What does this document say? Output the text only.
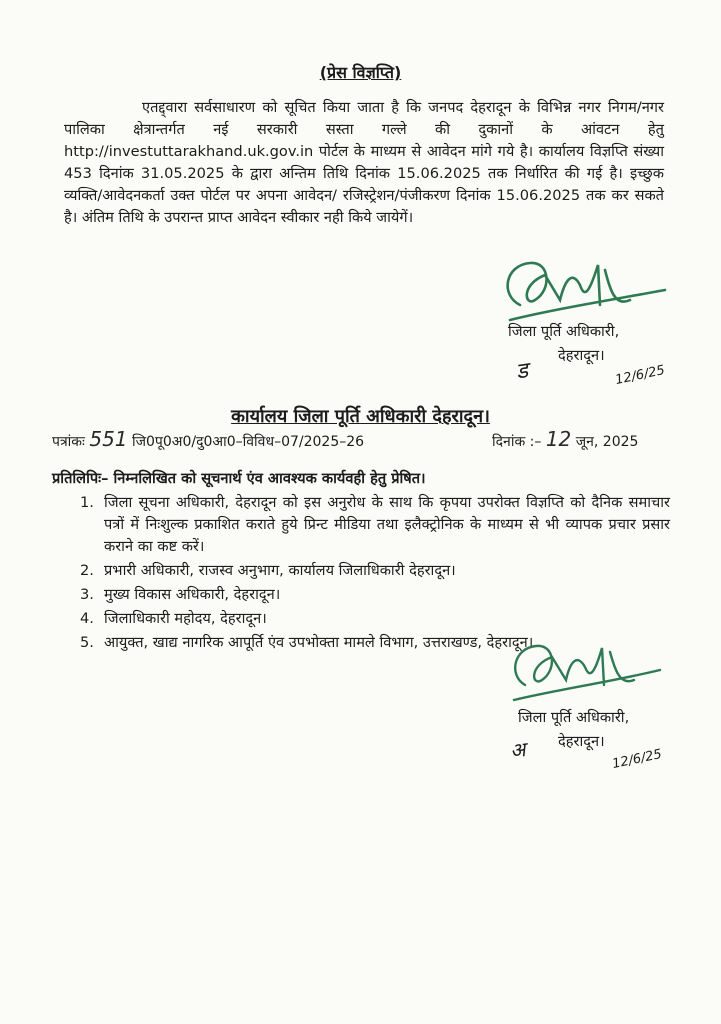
(प्रेस विज्ञप्ति)
एतद्द्वारा सर्वसाधारण को सूचित किया जाता है कि जनपद देहरादून के विभिन्न नगर निगम/नगर पालिका क्षेत्रान्तर्गत नई सरकारी सस्ता गल्ले की दुकानों के आंवटन हेतु http://investuttarakhand.uk.gov.in पोर्टल के माध्यम से आवेदन मांगे गये है। कार्यालय विज्ञप्ति संख्या 453 दिनांक 31.05.2025 के द्वारा अन्तिम तिथि दिनांक 15.06.2025 तक निर्धारित की गई है। इच्छुक व्यक्ति/आवेदनकर्ता उक्त पोर्टल पर अपना आवेदन/ रजिस्ट्रेशन/पंजीकरण दिनांक 15.06.2025 तक कर सकते है। अंतिम तिथि के उपरान्त प्राप्त आवेदन स्वीकार नही किये जायेगें।
जिला पूर्ति अधिकारी,
देहरादून।
ड	12/6/25
कार्यालय जिला पूर्ति अधिकारी देहरादून।
पत्रांकः 551 जि0पू0अ0/दु0आ0–विविध–07/2025–26	दिनांक :– 12 जून, 2025
प्रतिलिपिः– निम्नलिखित को सूचनार्थ एंव आवश्यक कार्यवही हेतु प्रेषित।
1. जिला सूचना अधिकारी, देहरादून को इस अनुरोध के साथ कि कृपया उपरोक्त विज्ञप्ति को दैनिक समाचार पत्रों में निःशुल्क प्रकाशित कराते हुये प्रिन्ट मीडिया तथा इलैक्ट्रोनिक के माध्यम से भी व्यापक प्रचार प्रसार कराने का कष्ट करें।
2. प्रभारी अधिकारी, राजस्व अनुभाग, कार्यालय जिलाधिकारी देहरादून।
3. मुख्य विकास अधिकारी, देहरादून।
4. जिलाधिकारी महोदय, देहरादून।
5. आयुक्त, खाद्य नागरिक आपूर्ति एंव उपभोक्ता मामले विभाग, उत्तराखण्ड, देहरादून।
जिला पूर्ति अधिकारी,
देहरादून।
अ	12/6/25
